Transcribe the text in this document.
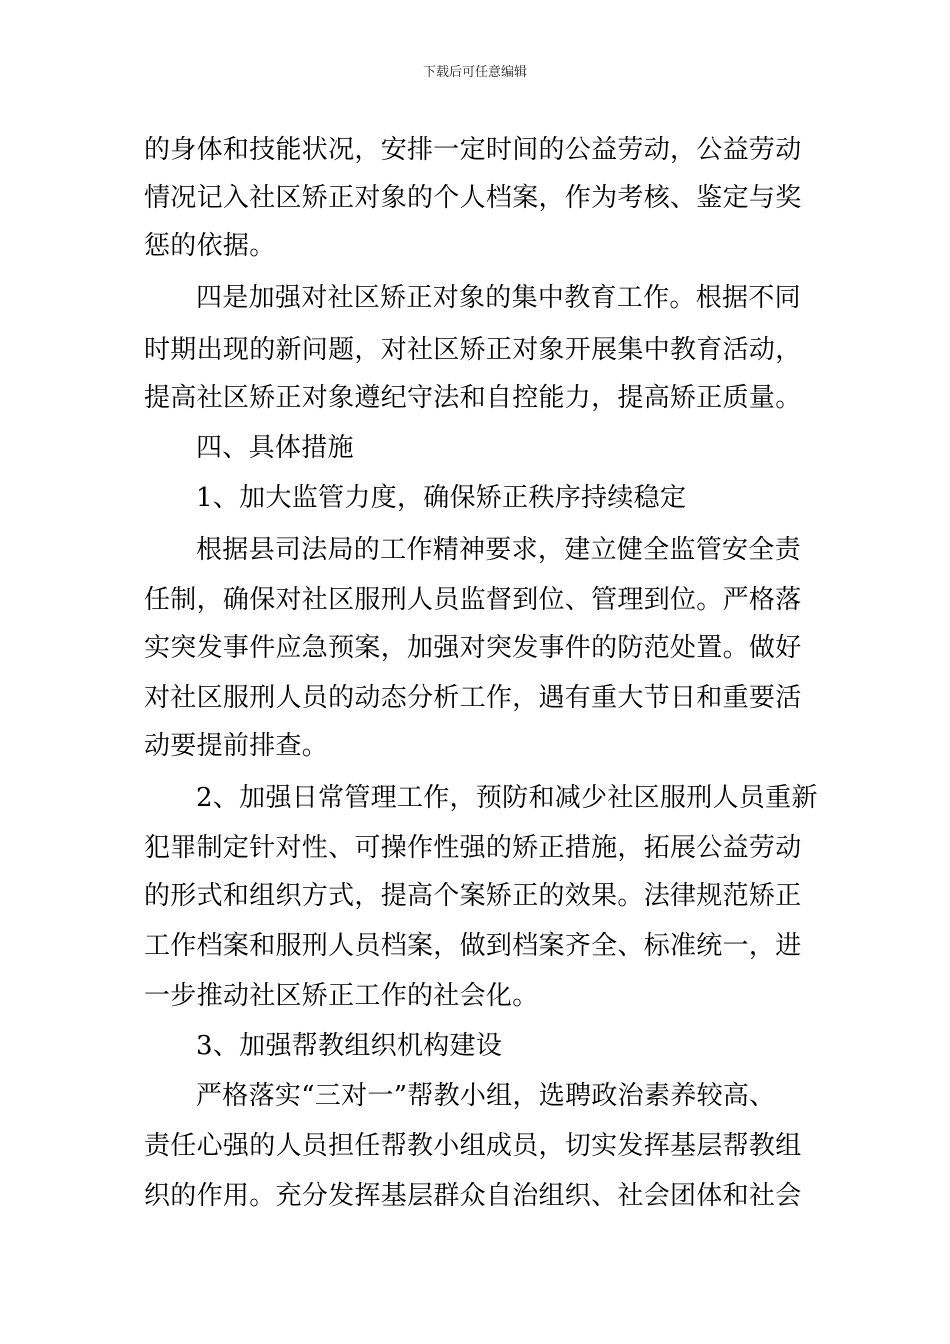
下载后可任意编辑
的身体和技能状况，安排一定时间的公益劳动，公益劳动
情况记入社区矫正对象的个人档案，作为考核、鉴定与奖
惩的依据。
四是加强对社区矫正对象的集中教育工作。根据不同
时期出现的新问题，对社区矫正对象开展集中教育活动，
提高社区矫正对象遵纪守法和自控能力，提高矫正质量。
四、具体措施
1、加大监管力度，确保矫正秩序持续稳定
根据县司法局的工作精神要求，建立健全监管安全责
任制，确保对社区服刑人员监督到位、管理到位。严格落
实突发事件应急预案，加强对突发事件的防范处置。做好
对社区服刑人员的动态分析工作，遇有重大节日和重要活
动要提前排查。
2、加强日常管理工作，预防和减少社区服刑人员重新
犯罪制定针对性、可操作性强的矫正措施，拓展公益劳动
的形式和组织方式，提高个案矫正的效果。法律规范矫正
工作档案和服刑人员档案，做到档案齐全、标准统一，进
一步推动社区矫正工作的社会化。
3、加强帮教组织机构建设
严格落实“三对一”帮教小组，选聘政治素养较高、
责任心强的人员担任帮教小组成员，切实发挥基层帮教组
织的作用。充分发挥基层群众自治组织、社会团体和社会
